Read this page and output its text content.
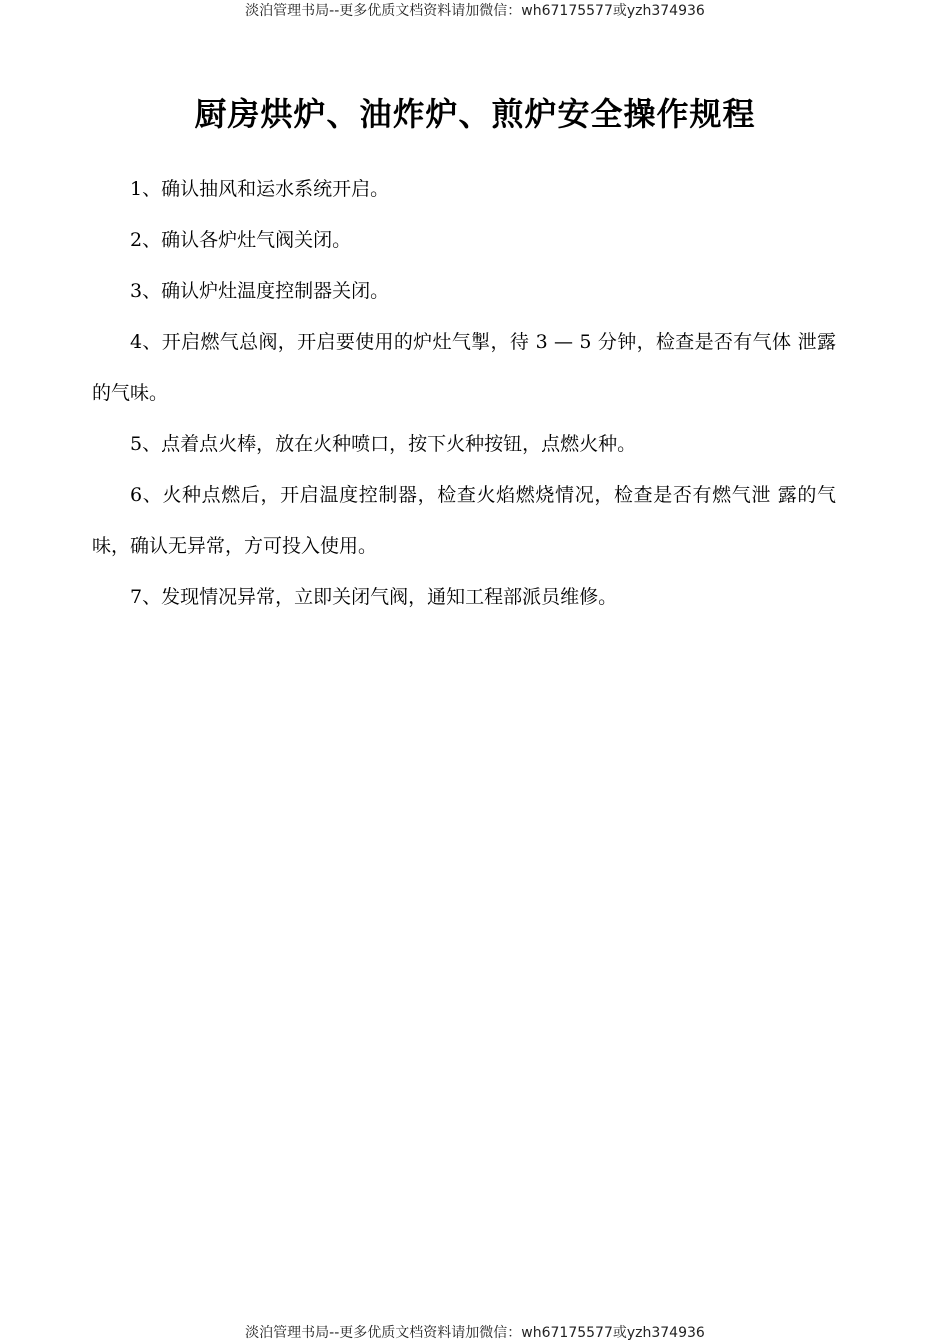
淡泊管理书局--更多优质文档资料请加微信：wh67175577或yzh374936
厨房烘炉、油炸炉、煎炉安全操作规程

1、确认抽风和运水系统开启。

2、确认各炉灶气阀关闭。

3、确认炉灶温度控制器关闭。

4、开启燃气总阀，开启要使用的炉灶气掣，待 3 — 5 分钟，检查是否有气体 泄露的气味。

5、点着点火棒，放在火种喷口，按下火种按钮，点燃火种。

6、火种点燃后，开启温度控制器，检查火焰燃烧情况，检查是否有燃气泄 露的气味，确认无异常，方可投入使用。

7、发现情况异常，立即关闭气阀，通知工程部派员维修。

淡泊管理书局--更多优质文档资料请加微信：wh67175577或yzh374936
